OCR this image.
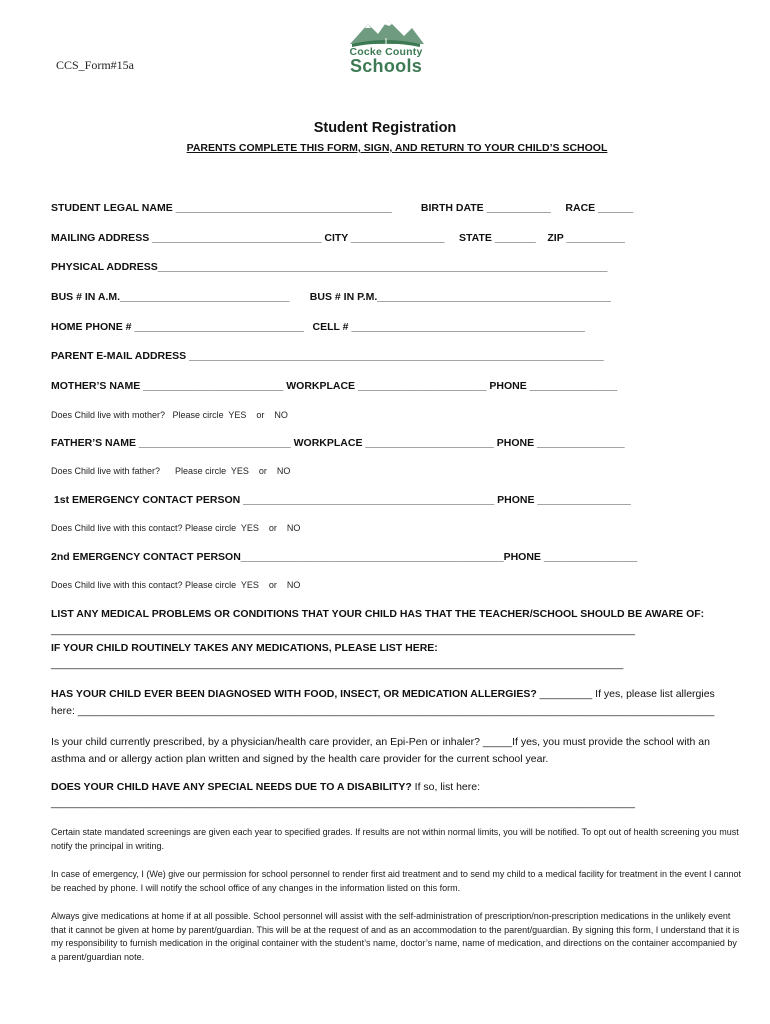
CCS_Form#15a
Cocke County
Schools
Student Registration
PARENTS COMPLETE THIS FORM, SIGN, AND RETURN TO YOUR CHILD’S SCHOOL
STUDENT LEGAL NAME _____________________________________          BIRTH DATE ___________     RACE ______
MAILING ADDRESS _____________________________ CITY ________________     STATE _______    ZIP __________
PHYSICAL ADDRESS_____________________________________________________________________________
BUS # IN A.M._____________________________       BUS # IN P.M.________________________________________
HOME PHONE # _____________________________   CELL # ________________________________________
PARENT E-MAIL ADDRESS _______________________________________________________________________
MOTHER’S NAME ________________________ WORKPLACE ______________________ PHONE _______________
Does Child live with mother?   Please circle  YES    or    NO
FATHER’S NAME __________________________ WORKPLACE ______________________ PHONE _______________
Does Child live with father?      Please circle  YES    or    NO
1st EMERGENCY CONTACT PERSON ___________________________________________ PHONE ________________
Does Child live with this contact? Please circle  YES    or    NO
2nd EMERGENCY CONTACT PERSON_____________________________________________PHONE ________________
Does Child live with this contact? Please circle  YES    or    NO
LIST ANY MEDICAL PROBLEMS OR CONDITIONS THAT YOUR CHILD HAS THAT THE TEACHER/SCHOOL SHOULD BE AWARE OF:
____________________________________________________________________________________________________
IF YOUR CHILD ROUTINELY TAKES ANY MEDICATIONS, PLEASE LIST HERE:
__________________________________________________________________________________________________
HAS YOUR CHILD EVER BEEN DIAGNOSED WITH FOOD, INSECT, OR MEDICATION ALLERGIES? _________ If yes, please list allergies
here: _____________________________________________________________________________________________________________
Is your child currently prescribed, by a physician/health care provider, an Epi-Pen or inhaler? _____If yes, you must provide the school with an asthma and or allergy action plan written and signed by the health care provider for the current school year.
DOES YOUR CHILD HAVE ANY SPECIAL NEEDS DUE TO A DISABILITY? If so, list here:
____________________________________________________________________________________________________
Certain state mandated screenings are given each year to specified grades. If results are not within normal limits, you will be notified. To opt out of health screening you must notify the principal in writing.
In case of emergency, I (We) give our permission for school personnel to render first aid treatment and to send my child to a medical facility for treatment in the event I cannot be reached by phone. I will notify the school office of any changes in the information listed on this form.
Always give medications at home if at all possible. School personnel will assist with the self-administration of prescription/non-prescription medications in the unlikely event that it cannot be given at home by parent/guardian. This will be at the request of and as an accommodation to the parent/guardian. By signing this form, I understand that it is my responsibility to furnish medication in the original container with the student’s name, doctor’s name, name of medication, and directions on the container accompanied by a parent/guardian note.
